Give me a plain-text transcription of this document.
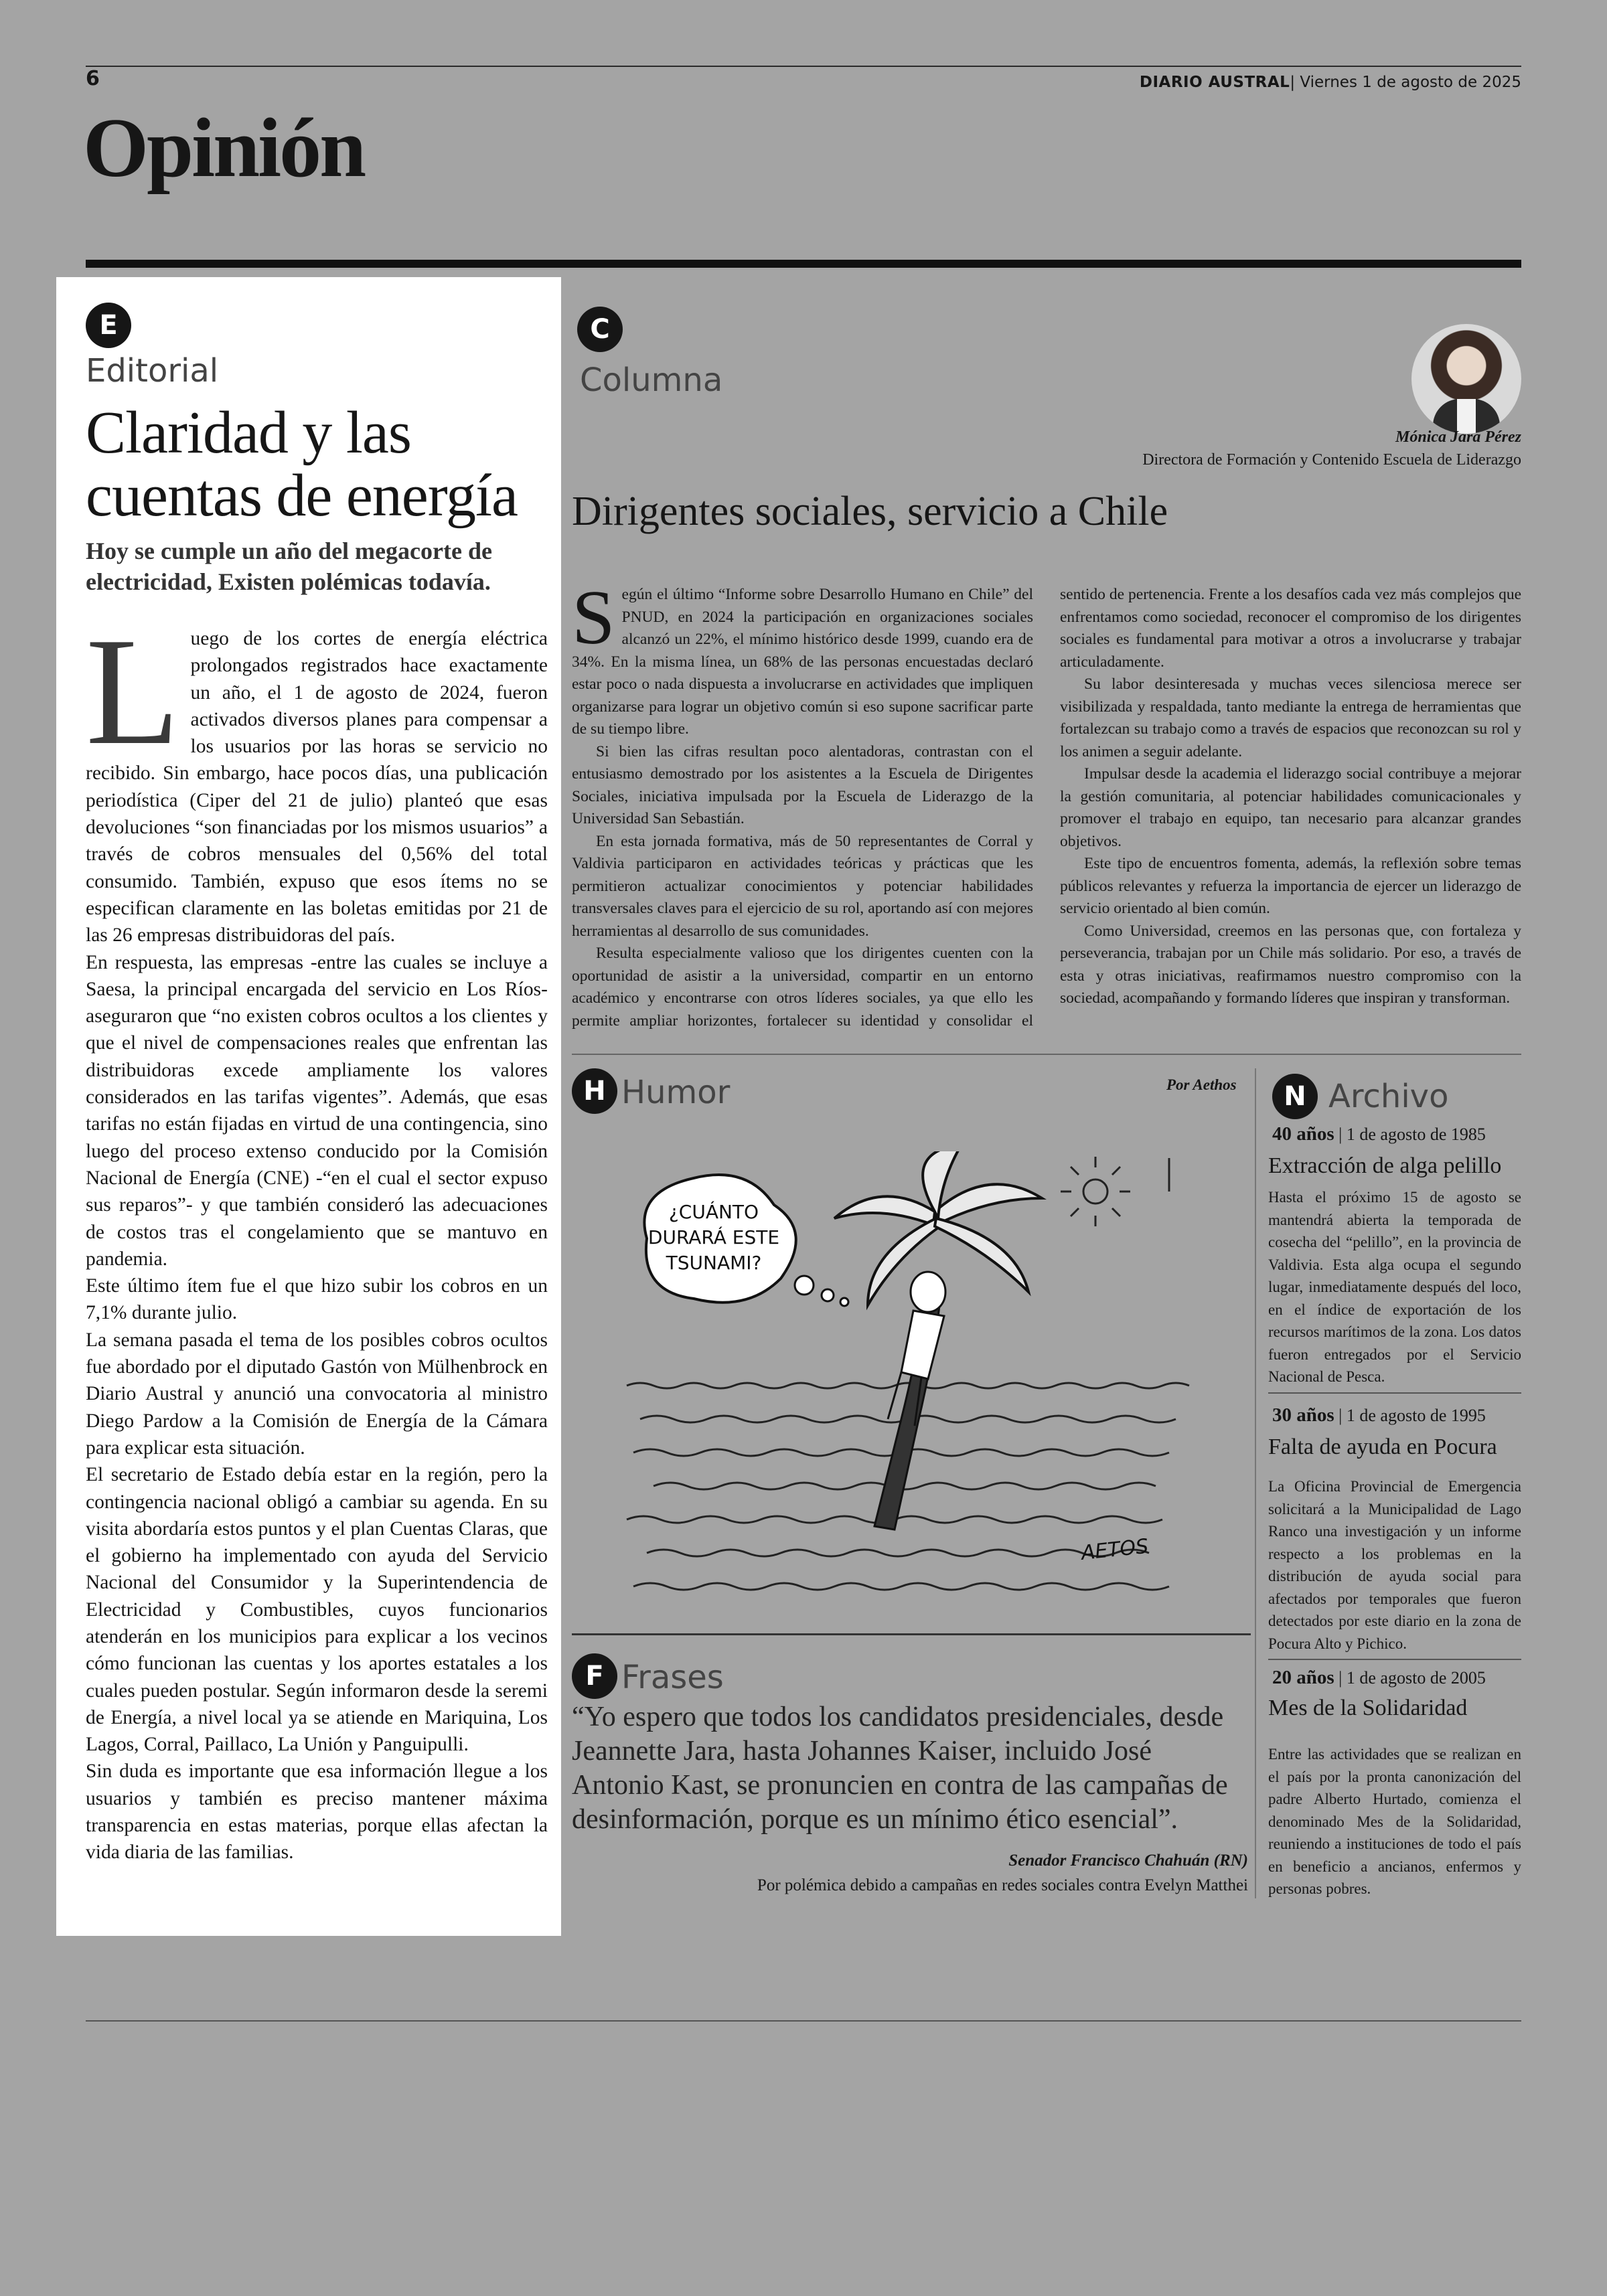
6	DIARIO AUSTRAL| Viernes 1 de agosto de 2025
Opinión
E
Editorial
Claridad y las cuentas de energía
Hoy se cumple un año del megacorte de electricidad, Existen polémicas todavía.

Luego de los cortes de energía eléctrica prolongados registrados hace exactamente un año, el 1 de agosto de 2024, fueron activados diversos planes para compensar a los usuarios por las horas se servicio no recibido. Sin embargo, hace pocos días, una publicación periodística (Ciper del 21 de julio) planteó que esas devoluciones “son financiadas por los mismos usuarios” a través de cobros mensuales del 0,56% del total consumido. También, expuso que esos ítems no se especifican claramente en las boletas emitidas por 21 de las 26 empresas distribuidoras del país.

En respuesta, las empresas -entre las cuales se incluye a Saesa, la principal encargada del servicio en Los Ríos- aseguraron que “no existen cobros ocultos a los clientes y que el nivel de compensaciones reales que enfrentan las distribuidoras excede ampliamente los valores considerados en las tarifas vigentes”. Además, que esas tarifas no están fijadas en virtud de una contingencia, sino luego del proceso extenso conducido por la Comisión Nacional de Energía (CNE) -“en el cual el sector expuso sus reparos”- y que también consideró las adecuaciones de costos tras el congelamiento que se mantuvo en pandemia.

Este último ítem fue el que hizo subir los cobros en un 7,1% durante julio.

La semana pasada el tema de los posibles cobros ocultos fue abordado por el diputado Gastón von Mülhenbrock en Diario Austral y anunció una convocatoria al ministro Diego Pardow a la Comisión de Energía de la Cámara para explicar esta situación.

El secretario de Estado debía estar en la región, pero la contingencia nacional obligó a cambiar su agenda. En su visita abordaría estos puntos y el plan Cuentas Claras, que el gobierno ha implementado con ayuda del Servicio Nacional del Consumidor y la Superintendencia de Electricidad y Combustibles, cuyos funcionarios atenderán en los municipios para explicar a los vecinos cómo funcionan las cuentas y los aportes estatales a los cuales pueden postular. Según informaron desde la seremi de Energía, a nivel local ya se atiende en Mariquina, Los Lagos, Corral, Paillaco, La Unión y Panguipulli.

Sin duda es importante que esa información llegue a los usuarios y también es preciso mantener máxima transparencia en estas materias, porque ellas afectan la vida diaria de las familias.

C
Columna
Mónica Jara Pérez
Directora de Formación y Contenido Escuela de Liderazgo
Dirigentes sociales, servicio a Chile

Según el último “Informe sobre Desarrollo Humano en Chile” del PNUD, en 2024 la participación en organizaciones sociales alcanzó un 22%, el mínimo histórico desde 1999, cuando era de 34%. En la misma línea, un 68% de las personas encuestadas declaró estar poco o nada dispuesta a involucrarse en actividades que impliquen organizarse para lograr un objetivo común si eso supone sacrificar parte de su tiempo libre.

Si bien las cifras resultan poco alentadoras, contrastan con el entusiasmo demostrado por los asistentes a la Escuela de Dirigentes Sociales, iniciativa impulsada por la Escuela de Liderazgo de la Universidad San Sebastián.

En esta jornada formativa, más de 50 representantes de Corral y Valdivia participaron en actividades teóricas y prácticas que les permitieron actualizar conocimientos y potenciar habilidades transversales claves para el ejercicio de su rol, aportando así con mejores herramientas al desarrollo de sus comunidades.

Resulta especialmente valioso que los dirigentes cuenten con la oportunidad de asistir a la universidad, compartir en un entorno académico y encontrarse con otros líderes sociales, ya que ello les permite ampliar horizontes, fortalecer su identidad y consolidar el sentido de pertenencia. Frente a los desafíos cada vez más complejos que enfrentamos como sociedad, reconocer el compromiso de los dirigentes sociales es fundamental para motivar a otros a involucrarse y trabajar articuladamente.

Su labor desinteresada y muchas veces silenciosa merece ser visibilizada y respaldada, tanto mediante la entrega de herramientas que fortalezcan su trabajo como a través de espacios que reconozcan su rol y los animen a seguir adelante.

Impulsar desde la academia el liderazgo social contribuye a mejorar la gestión comunitaria, al potenciar habilidades comunicacionales y promover el trabajo en equipo, tan necesario para alcanzar grandes objetivos.

Este tipo de encuentros fomenta, además, la reflexión sobre temas públicos relevantes y refuerza la importancia de ejercer un liderazgo de servicio orientado al bien común.

Como Universidad, creemos en las personas que, con fortaleza y perseverancia, trabajan por un Chile más solidario. Por eso, a través de esta y otras iniciativas, reafirmamos nuestro compromiso con la sociedad, acompañando y formando líderes que inspiran y transforman.

H Humor	Por Aethos
¿CUÁNTO
DURARÁ ESTE
TSUNAMI?
AETOS
F Frases
“Yo espero que todos los candidatos presidenciales, desde Jeannette Jara, hasta Johannes Kaiser, incluido José Antonio Kast, se pronuncien en contra de las campañas de desinformación, porque es un mínimo ético esencial”.
Senador Francisco Chahuán (RN)
Por polémica debido a campañas en redes sociales contra Evelyn Matthei
N Archivo
40 años | 1 de agosto de 1985
Extracción de alga pelillo
Hasta el próximo 15 de agosto se mantendrá abierta la temporada de cosecha del “pelillo”, en la provincia de Valdivia. Esta alga ocupa el segundo lugar, inmediatamente después del loco, en el índice de exportación de los recursos marítimos de la zona. Los datos fueron entregados por el Servicio Nacional de Pesca.
30 años | 1 de agosto de 1995
Falta de ayuda en Pocura
La Oficina Provincial de Emergencia solicitará a la Municipalidad de Lago Ranco una investigación y un informe respecto a los problemas en la distribución de ayuda social para afectados por temporales que fueron detectados por este diario en la zona de Pocura Alto y Pichico.
20 años | 1 de agosto de 2005
Mes de la Solidaridad
Entre las actividades que se realizan en el país por la pronta canonización del padre Alberto Hurtado, comienza el denominado Mes de la Solidaridad, reuniendo a instituciones de todo el país en beneficio a ancianos, enfermos y personas pobres.
